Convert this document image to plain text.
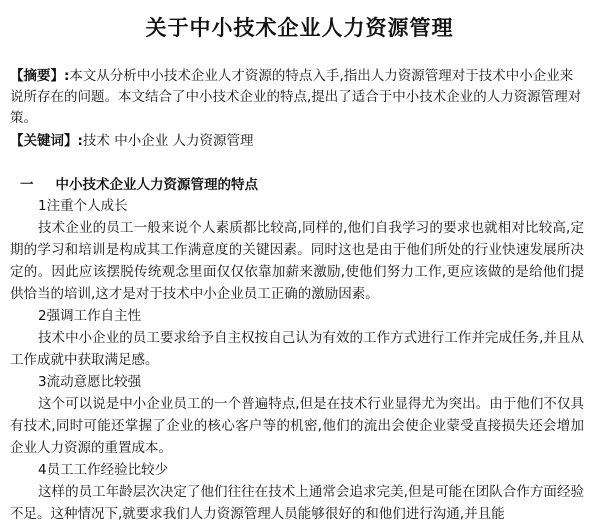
关于中小技术企业人力资源管理
【摘要】:本文从分析中小技术企业人才资源的特点入手,指出人力资源管理对于技术中小企业来说所存在的问题。本文结合了中小技术企业的特点,提出了适合于中小技术企业的人力资源管理对策。
【关键词】:技术 中小企业 人力资源管理
一 中小技术企业人力资源管理的特点
1注重个人成长
技术企业的员工一般来说个人素质都比较高,同样的,他们自我学习的要求也就相对比较高,定期的学习和培训是构成其工作满意度的关键因素。同时这也是由于他们所处的行业快速发展所决定的。因此应该摆脱传统观念里面仅仅依靠加薪来激励,使他们努力工作,更应该做的是给他们提供恰当的培训,这才是对于技术中小企业员工正确的激励因素。
2强调工作自主性
技术中小企业的员工要求给予自主权按自己认为有效的工作方式进行工作并完成任务,并且从工作成就中获取满足感。
3流动意愿比较强
这个可以说是中小企业员工的一个普遍特点,但是在技术行业显得尤为突出。由于他们不仅具有技术,同时可能还掌握了企业的核心客户等的机密,他们的流出会使企业蒙受直接损失还会增加企业人力资源的重置成本。
4员工工作经验比较少
这样的员工年龄层次决定了他们往往在技术上通常会追求完美,但是可能在团队合作方面经验不足。这种情况下,就要求我们人力资源管理人员能够很好的和他们进行沟通,并且能
